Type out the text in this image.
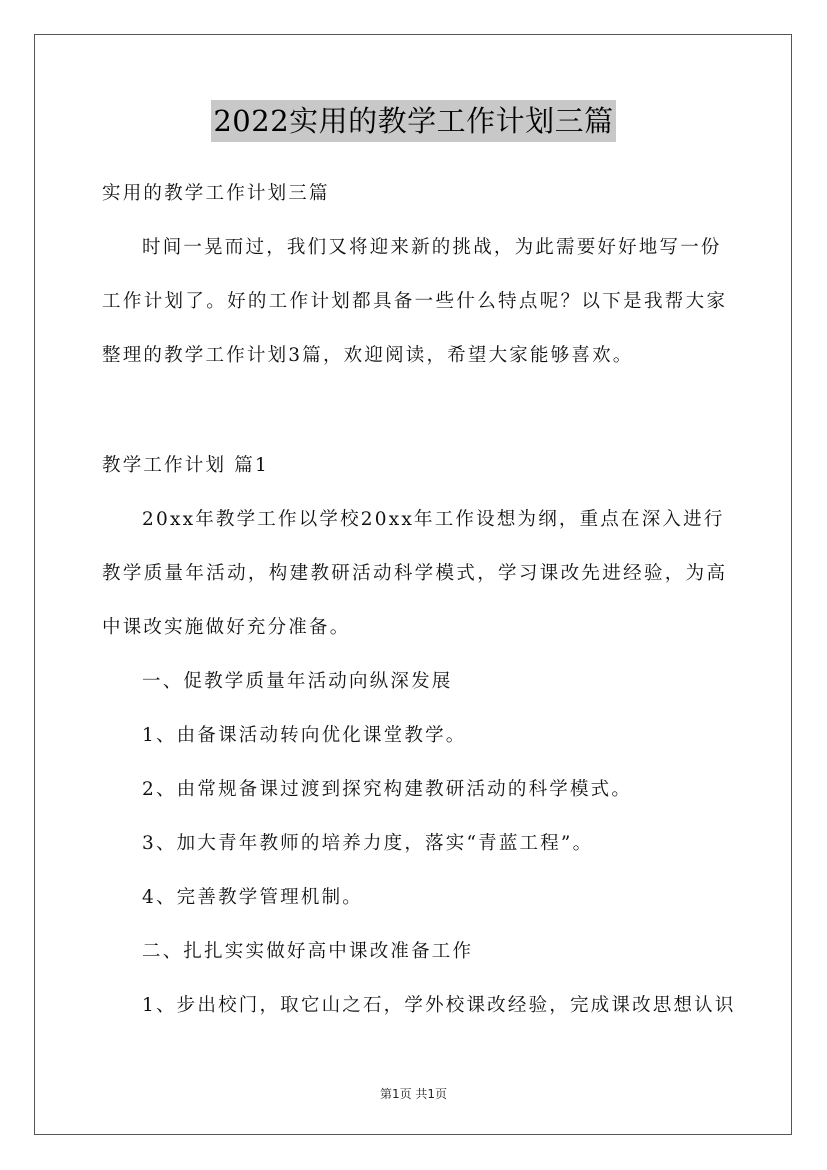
2022实用的教学工作计划三篇
实用的教学工作计划三篇
时间一晃而过，我们又将迎来新的挑战，为此需要好好地写一份
工作计划了。好的工作计划都具备一些什么特点呢？以下是我帮大家
整理的教学工作计划3篇，欢迎阅读，希望大家能够喜欢。
教学工作计划 篇1
20xx年教学工作以学校20xx年工作设想为纲，重点在深入进行
教学质量年活动，构建教研活动科学模式，学习课改先进经验，为高
中课改实施做好充分准备。
一、促教学质量年活动向纵深发展
1、由备课活动转向优化课堂教学。
2、由常规备课过渡到探究构建教研活动的科学模式。
3、加大青年教师的培养力度，落实“青蓝工程”。
4、完善教学管理机制。
二、扎扎实实做好高中课改准备工作
1、步出校门，取它山之石，学外校课改经验，完成课改思想认识
第1页 共1页
